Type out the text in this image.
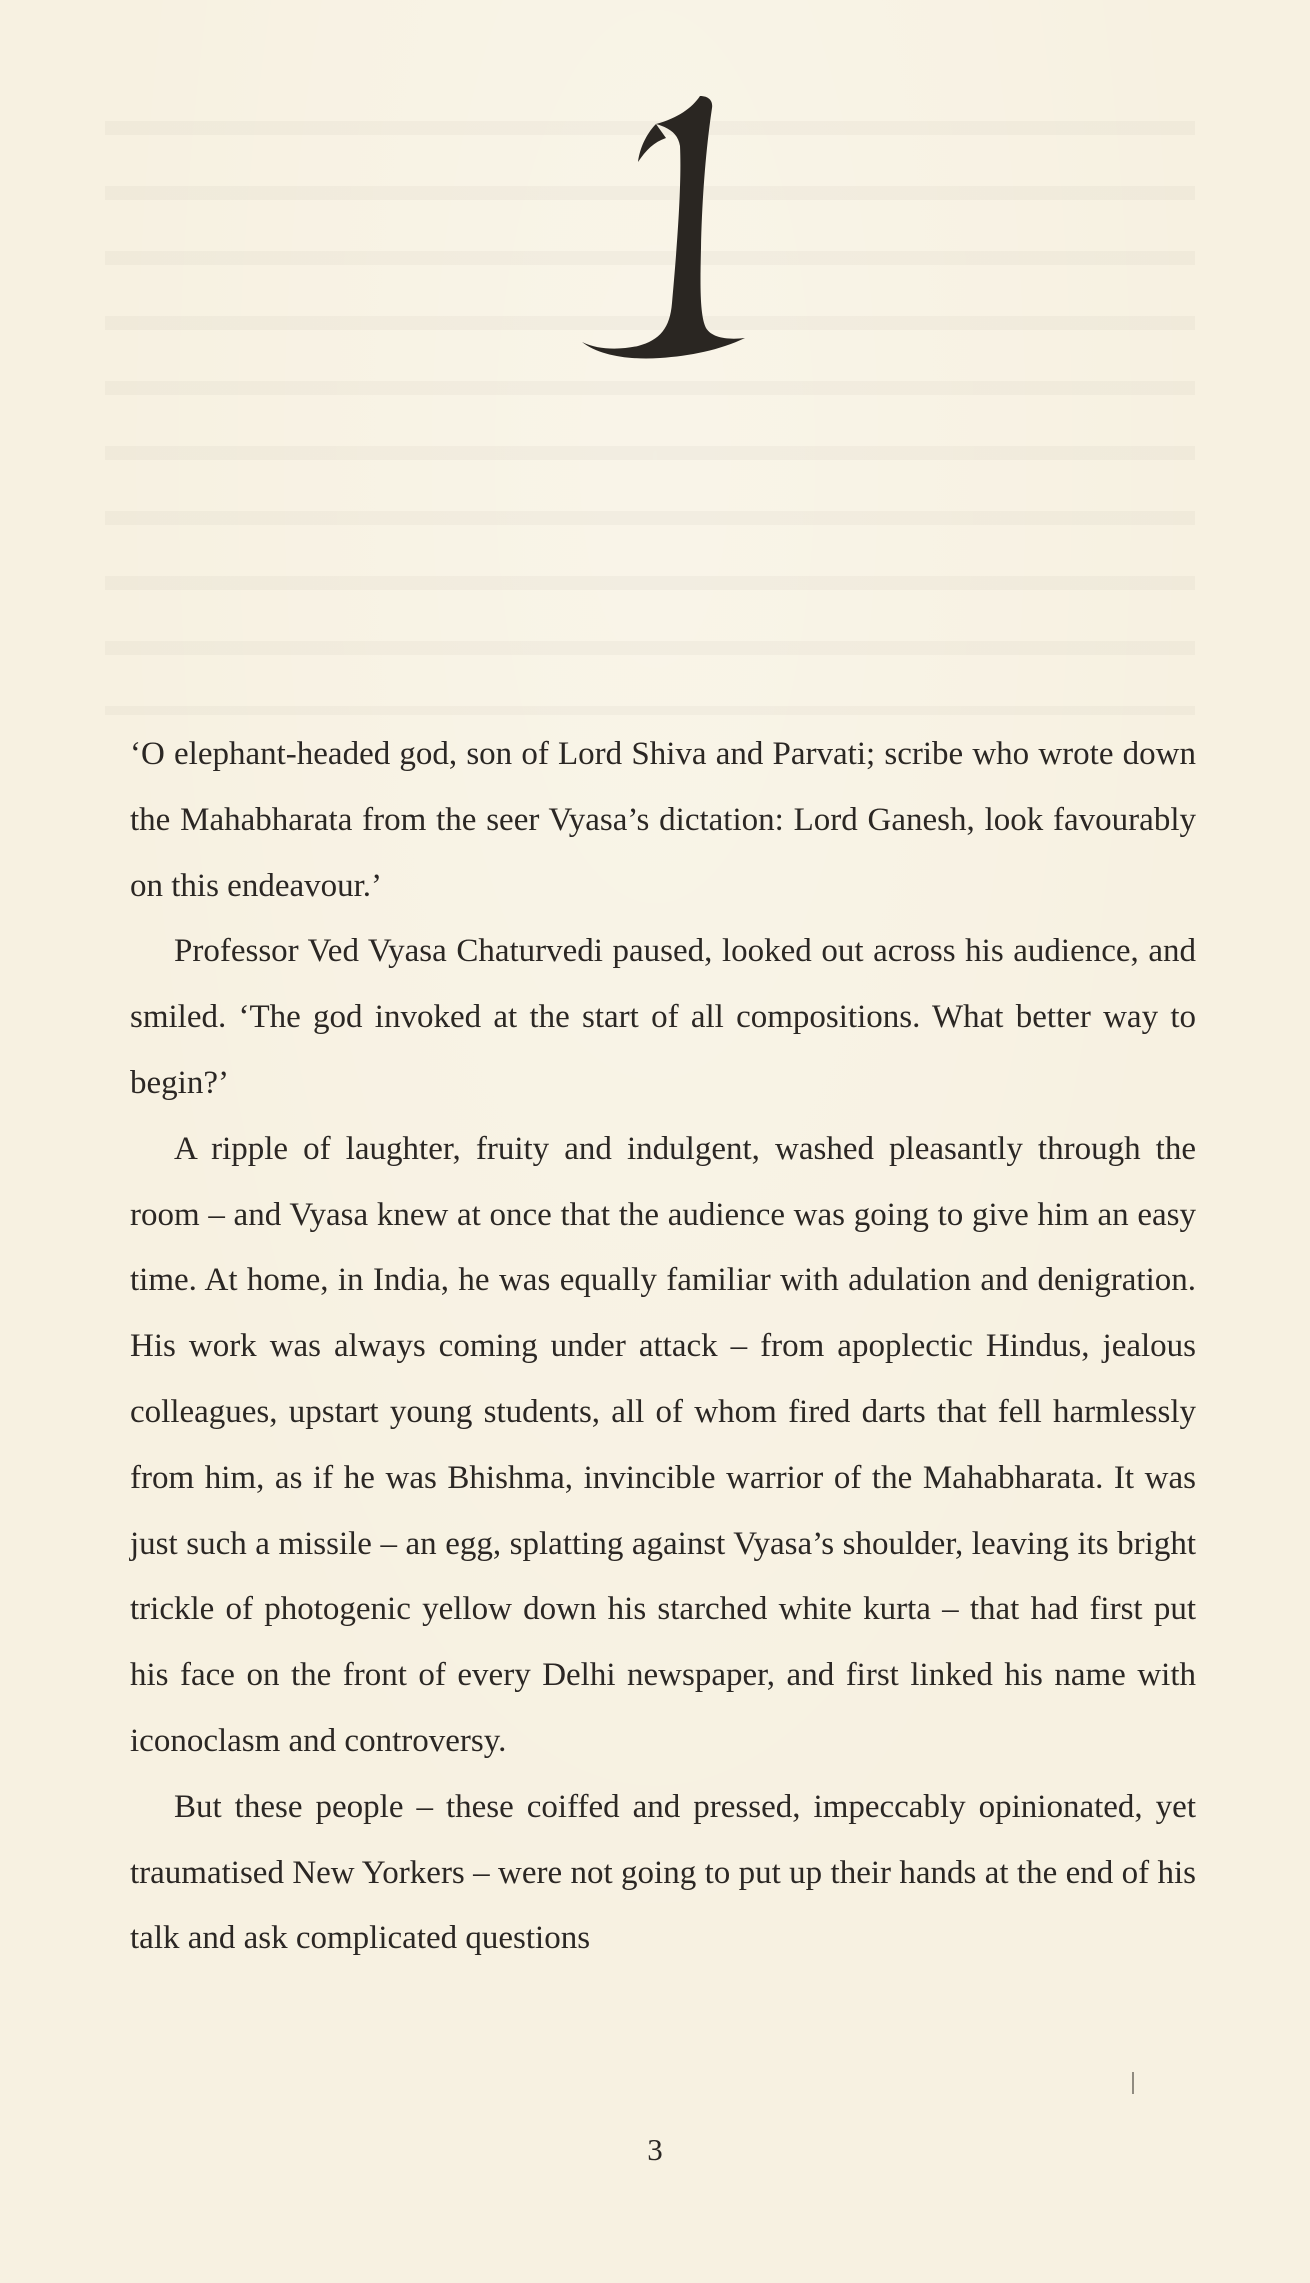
‘O elephant-headed god, son of Lord Shiva and Parvati; scribe who wrote down the Mahabharata from the seer Vyasa’s dictation: Lord Ganesh, look favourably on this endeavour.’

Professor Ved Vyasa Chaturvedi paused, looked out across his audience, and smiled. ‘The god invoked at the start of all compositions. What better way to begin?’

A ripple of laughter, fruity and indulgent, washed pleasantly through the room – and Vyasa knew at once that the audience was going to give him an easy time. At home, in India, he was equally familiar with adulation and denigration. His work was always coming under attack – from apoplectic Hindus, jealous colleagues, upstart young students, all of whom fired darts that fell harmlessly from him, as if he was Bhishma, invincible warrior of the Mahabharata. It was just such a missile – an egg, splatting against Vyasa’s shoulder, leaving its bright trickle of photogenic yellow down his starched white kurta – that had first put his face on the front of every Delhi newspaper, and first linked his name with iconoclasm and controversy.

But these people – these coiffed and pressed, impeccably opinionated, yet traumatised New Yorkers – were not going to put up their hands at the end of his talk and ask complicated questions

3
